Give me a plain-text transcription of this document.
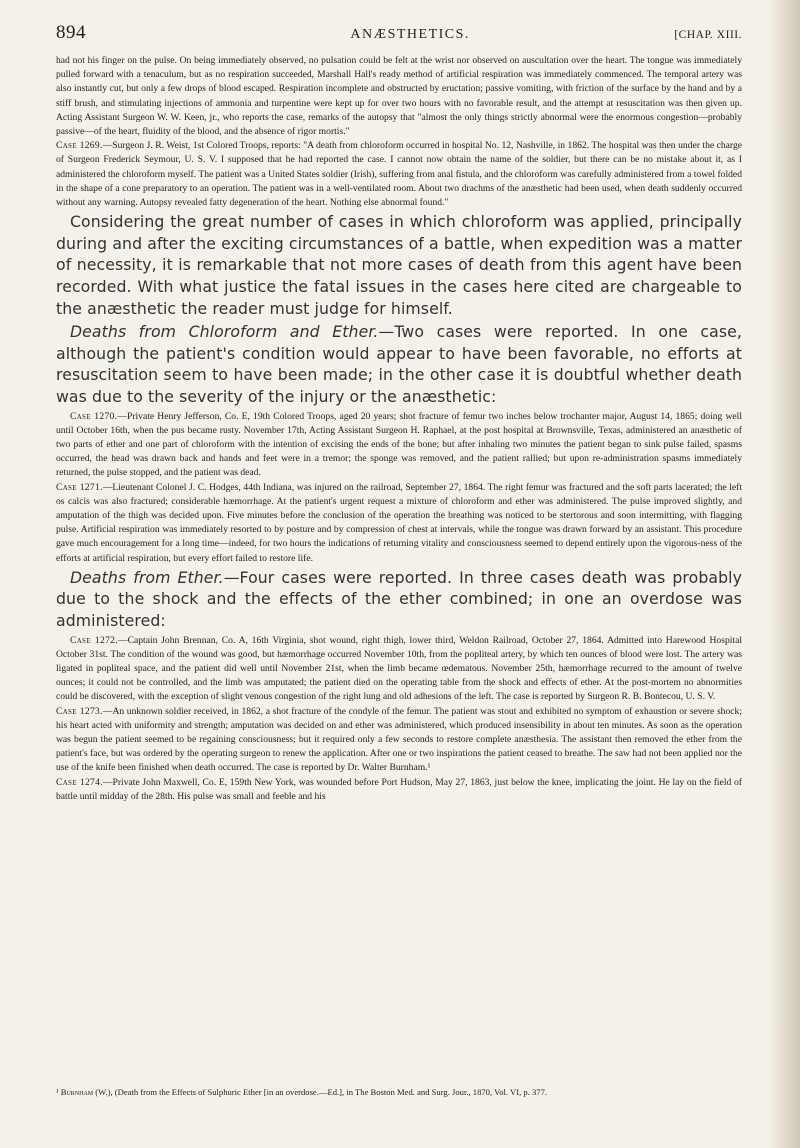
894	ANÆSTHETICS.	[CHAP. XIII.

had not his finger on the pulse. On being immediately observed, no pulsation could be felt at the wrist nor observed on auscultation over the heart. The tongue was immediately pulled forward with a tenaculum, but as no respiration succeeded, Marshall Hall's ready method of artificial respiration was immediately commenced. The temporal artery was also instantly cut, but only a few drops of blood escaped. Respiration incomplete and obstructed by eructation; passive vomiting, with friction of the surface by the hand and by a stiff brush, and stimulating injections of ammonia and turpentine were kept up for over two hours with no favorable result, and the attempt at resuscitation was then given up. Acting Assistant Surgeon W. W. Keen, jr., who reports the case, remarks of the autopsy that "almost the only things strictly abnormal were the enormous congestion—probably passive—of the heart, fluidity of the blood, and the absence of rigor mortis."

Case 1269.—Surgeon J. R. Weist, 1st Colored Troops, reports: "A death from chloroform occurred in hospital No. 12, Nashville, in 1862. The hospital was then under the charge of Surgeon Frederick Seymour, U. S. V. I supposed that he had reported the case. I cannot now obtain the name of the soldier, but there can be no mistake about it, as I administered the chloroform myself. The patient was a United States soldier (Irish), suffering from anal fistula, and the chloroform was carefully administered from a towel folded in the shape of a cone preparatory to an operation. The patient was in a well-ventilated room. About two drachms of the anæsthetic had been used, when death suddenly occurred without any warning. Autopsy revealed fatty degeneration of the heart. Nothing else abnormal found."

Considering the great number of cases in which chloroform was applied, principally during and after the exciting circumstances of a battle, when expedition was a matter of necessity, it is remarkable that not more cases of death from this agent have been recorded. With what justice the fatal issues in the cases here cited are chargeable to the anæsthetic the reader must judge for himself.

Deaths from Chloroform and Ether.—Two cases were reported. In one case, although the patient's condition would appear to have been favorable, no efforts at resuscitation seem to have been made; in the other case it is doubtful whether death was due to the severity of the injury or the anæsthetic:

Case 1270.—Private Henry Jefferson, Co. E, 19th Colored Troops, aged 20 years; shot fracture of femur two inches below trochanter major, August 14, 1865; doing well until October 16th, when the pus became rusty. November 17th, Acting Assistant Surgeon H. Raphael, at the post hospital at Brownsville, Texas, administered an anæsthetic of two parts of ether and one part of chloroform with the intention of excising the ends of the bone; but after inhaling two minutes the patient began to sink pulse failed, spasms occurred, the head was drawn back and hands and feet were in a tremor; the sponge was removed, and the patient rallied; but upon re-administration spasms immediately returned, the pulse stopped, and the patient was dead.

Case 1271.—Lieutenant Colonel J. C. Hodges, 44th Indiana, was injured on the railroad, September 27, 1864. The right femur was fractured and the soft parts lacerated; the left os calcis was also fractured; considerable hæmorrhage. At the patient's urgent request a mixture of chloroform and ether was administered. The pulse improved slightly, and amputation of the thigh was decided upon. Five minutes before the conclusion of the operation the breathing was noticed to be stertorous and soon intermitting, with flagging pulse. Artificial respiration was immediately resorted to by posture and by compression of chest at intervals, while the tongue was drawn forward by an assistant. This procedure gave much encouragement for a long time—indeed, for two hours the indications of returning vitality and consciousness seemed to depend entirely upon the vigorous-ness of the efforts at artificial respiration, but every effort failed to restore life.

Deaths from Ether.—Four cases were reported. In three cases death was probably due to the shock and the effects of the ether combined; in one an overdose was administered:

Case 1272.—Captain John Brennan, Co. A, 16th Virginia, shot wound, right thigh, lower third, Weldon Railroad, October 27, 1864. Admitted into Harewood Hospital October 31st. The condition of the wound was good, but hæmorrhage occurred November 10th, from the popliteal artery, by which ten ounces of blood were lost. The artery was ligated in popliteal space, and the patient did well until November 21st, when the limb became œdematous. November 25th, hæmorrhage recurred to the amount of twelve ounces; it could not be controlled, and the limb was amputated; the patient died on the operating table from the shock and effects of ether. At the post-mortem no abnormities could be discovered, with the exception of slight venous congestion of the right lung and old adhesions of the left. The case is reported by Surgeon R. B. Bontecou, U. S. V.

Case 1273.—An unknown soldier received, in 1862, a shot fracture of the condyle of the femur. The patient was stout and exhibited no symptom of exhaustion or severe shock; his heart acted with uniformity and strength; amputation was decided on and ether was administered, which produced insensibility in about ten minutes. As soon as the operation was begun the patient seemed to be regaining consciousness; but it required only a few seconds to restore complete anæsthesia. The assistant then removed the ether from the patient's face, but was ordered by the operating surgeon to renew the application. After one or two inspirations the patient ceased to breathe. The saw had not been applied nor the use of the knife been finished when death occurred. The case is reported by Dr. Walter Burnham.¹

Case 1274.—Private John Maxwell, Co. E, 159th New York, was wounded before Port Hudson, May 27, 1863, just below the knee, implicating the joint. He lay on the field of battle until midday of the 28th. His pulse was small and feeble and his

¹ Burnham (W.), (Death from the Effects of Sulphuric Ether [in an overdose.—Ed.], in The Boston Med. and Surg. Jour., 1870, Vol. VI, p. 377.
